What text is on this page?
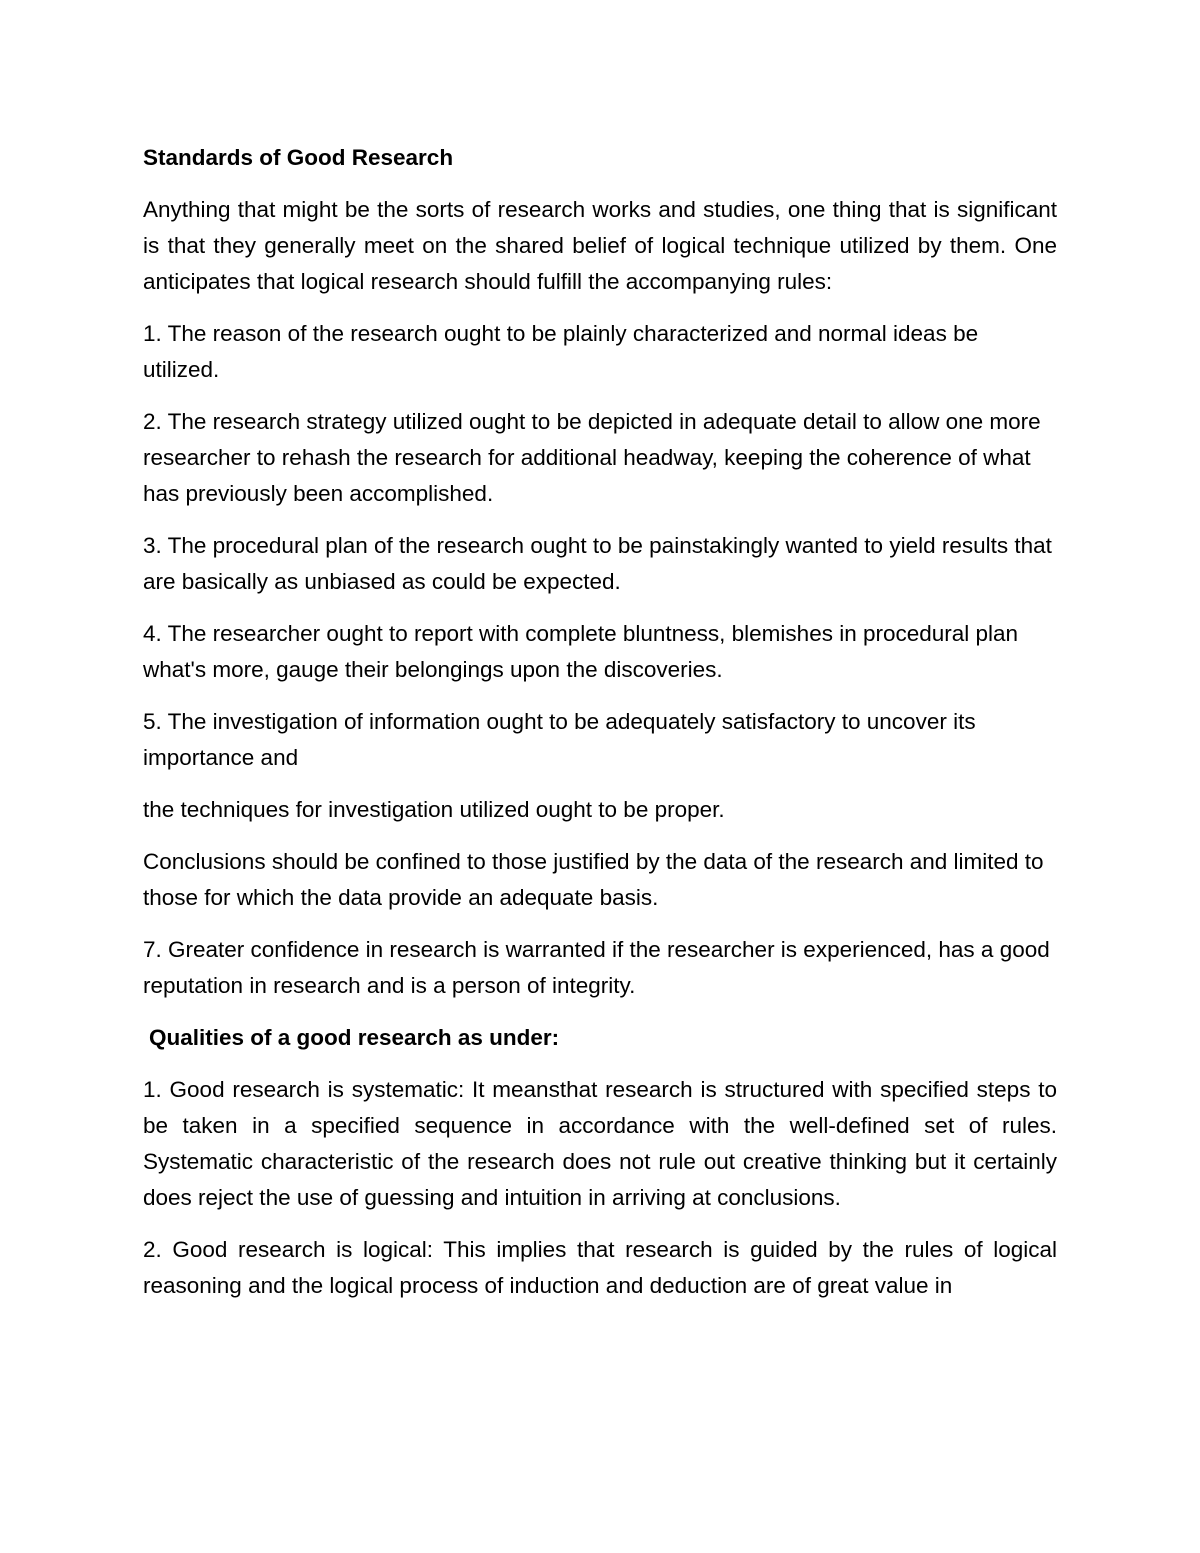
Standards of Good Research

Anything that might be the sorts of research works and studies, one thing that is significant is that they generally meet on the shared belief of logical technique utilized by them. One anticipates that logical research should fulfill the accompanying rules:

1. The reason of the research ought to be plainly characterized and normal ideas be utilized.

2. The research strategy utilized ought to be depicted in adequate detail to allow one more researcher to rehash the research for additional headway, keeping the coherence of what has previously been accomplished.

3. The procedural plan of the research ought to be painstakingly wanted to yield results that are basically as unbiased as could be expected.

4. The researcher ought to report with complete bluntness, blemishes in procedural plan what's more, gauge their belongings upon the discoveries.

5. The investigation of information ought to be adequately satisfactory to uncover its importance and

the techniques for investigation utilized ought to be proper.

Conclusions should be confined to those justified by the data of the research and limited to those for which the data provide an adequate basis.

7. Greater confidence in research is warranted if the researcher is experienced, has a good reputation in research and is a person of integrity.

Qualities of a good research as under:

1. Good research is systematic: It meansthat research is structured with specified steps to be taken in a specified sequence in accordance with the well-defined set of rules. Systematic characteristic of the research does not rule out creative thinking but it certainly does reject the use of guessing and intuition in arriving at conclusions.

2. Good research is logical: This implies that research is guided by the rules of logical reasoning and the logical process of induction and deduction are of great value in
